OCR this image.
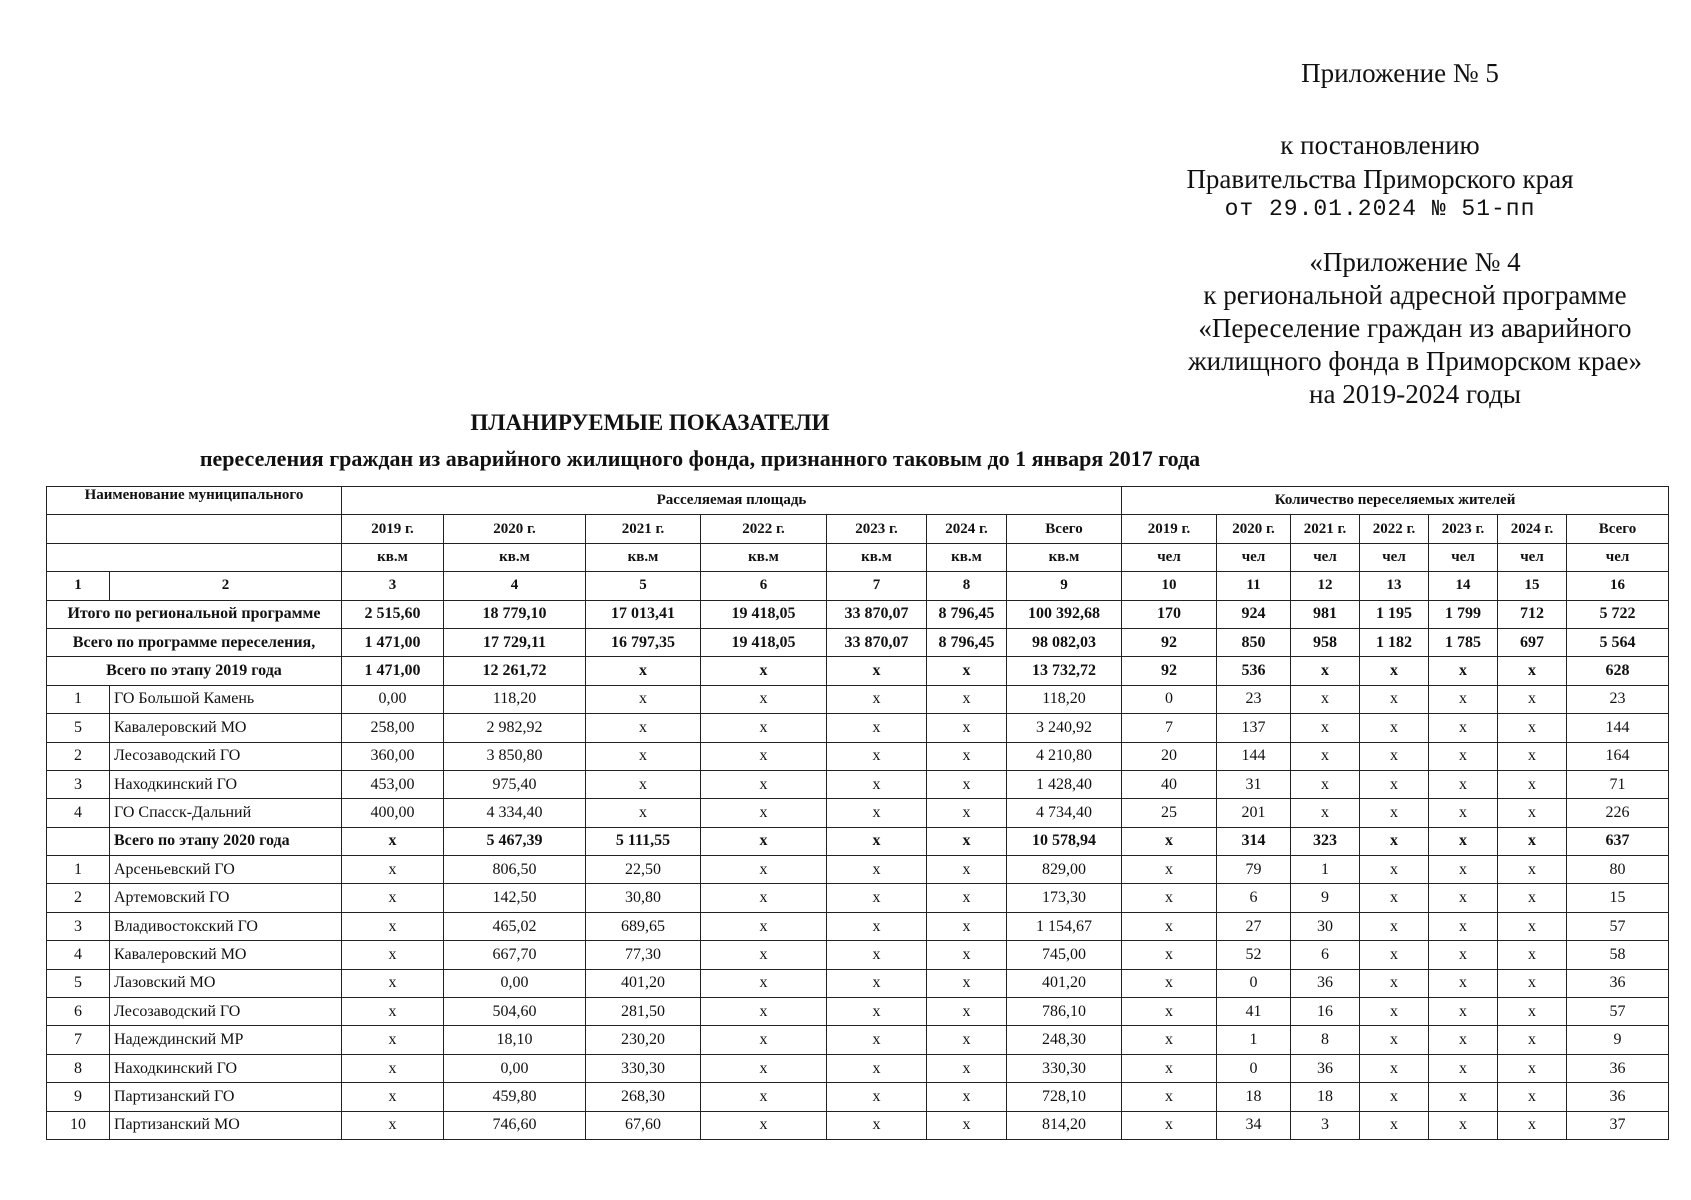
Приложение № 5
к постановлению
Правительства Приморского края
от 29.01.2024 № 51-пп
«Приложение № 4
к региональной адресной программе
«Переселение граждан из аварийного
жилищного фонда в Приморском крае»
на 2019-2024 годы
ПЛАНИРУЕМЫЕ ПОКАЗАТЕЛИ
переселения граждан из аварийного жилищного фонда, признанного таковым до 1 января 2017 года
Наименование муниципального		Расселяемая площадь							Количество переселяемых жителей						
		2019 г.	2020 г.	2021 г.	2022 г.	2023 г.	2024 г.	Всего	2019 г.	2020 г.	2021 г.	2022 г.	2023 г.	2024 г.	Всего
		кв.м	кв.м	кв.м	кв.м	кв.м	кв.м	кв.м	чел	чел	чел	чел	чел	чел	чел
1	2	3	4	5	6	7	8	9	10	11	12	13	14	15	16
Итого по региональной программе		2 515,60	18 779,10	17 013,41	19 418,05	33 870,07	8 796,45	100 392,68	170	924	981	1 195	1 799	712	5 722
Всего по программе переселения,		1 471,00	17 729,11	16 797,35	19 418,05	33 870,07	8 796,45	98 082,03	92	850	958	1 182	1 785	697	5 564
Всего по этапу 2019 года		1 471,00	12 261,72	х	х	х	х	13 732,72	92	536	х	х	х	х	628
1	ГО Большой Камень	0,00	118,20	х	х	х	х	118,20	0	23	х	х	х	х	23
5	Кавалеровский МО	258,00	2 982,92	х	х	х	х	3 240,92	7	137	х	х	х	х	144
2	Лесозаводский ГО	360,00	3 850,80	х	х	х	х	4 210,80	20	144	х	х	х	х	164
3	Находкинский ГО	453,00	975,40	х	х	х	х	1 428,40	40	31	х	х	х	х	71
4	ГО Спасск-Дальний	400,00	4 334,40	х	х	х	х	4 734,40	25	201	х	х	х	х	226
	Всего по этапу 2020 года	х	5 467,39	5 111,55	х	х	х	10 578,94	х	314	323	х	х	х	637
1	Арсеньевский ГО	х	806,50	22,50	х	х	х	829,00	х	79	1	х	х	х	80
2	Артемовский ГО	х	142,50	30,80	х	х	х	173,30	х	6	9	х	х	х	15
3	Владивостокский ГО	х	465,02	689,65	х	х	х	1 154,67	х	27	30	х	х	х	57
4	Кавалеровский МО	х	667,70	77,30	х	х	х	745,00	х	52	6	х	х	х	58
5	Лазовский МО	х	0,00	401,20	х	х	х	401,20	х	0	36	х	х	х	36
6	Лесозаводский ГО	х	504,60	281,50	х	х	х	786,10	х	41	16	х	х	х	57
7	Надеждинский МР	х	18,10	230,20	х	х	х	248,30	х	1	8	х	х	х	9
8	Находкинский ГО	х	0,00	330,30	х	х	х	330,30	х	0	36	х	х	х	36
9	Партизанский ГО	х	459,80	268,30	х	х	х	728,10	х	18	18	х	х	х	36
10	Партизанский МО	х	746,60	67,60	х	х	х	814,20	х	34	3	х	х	х	37
